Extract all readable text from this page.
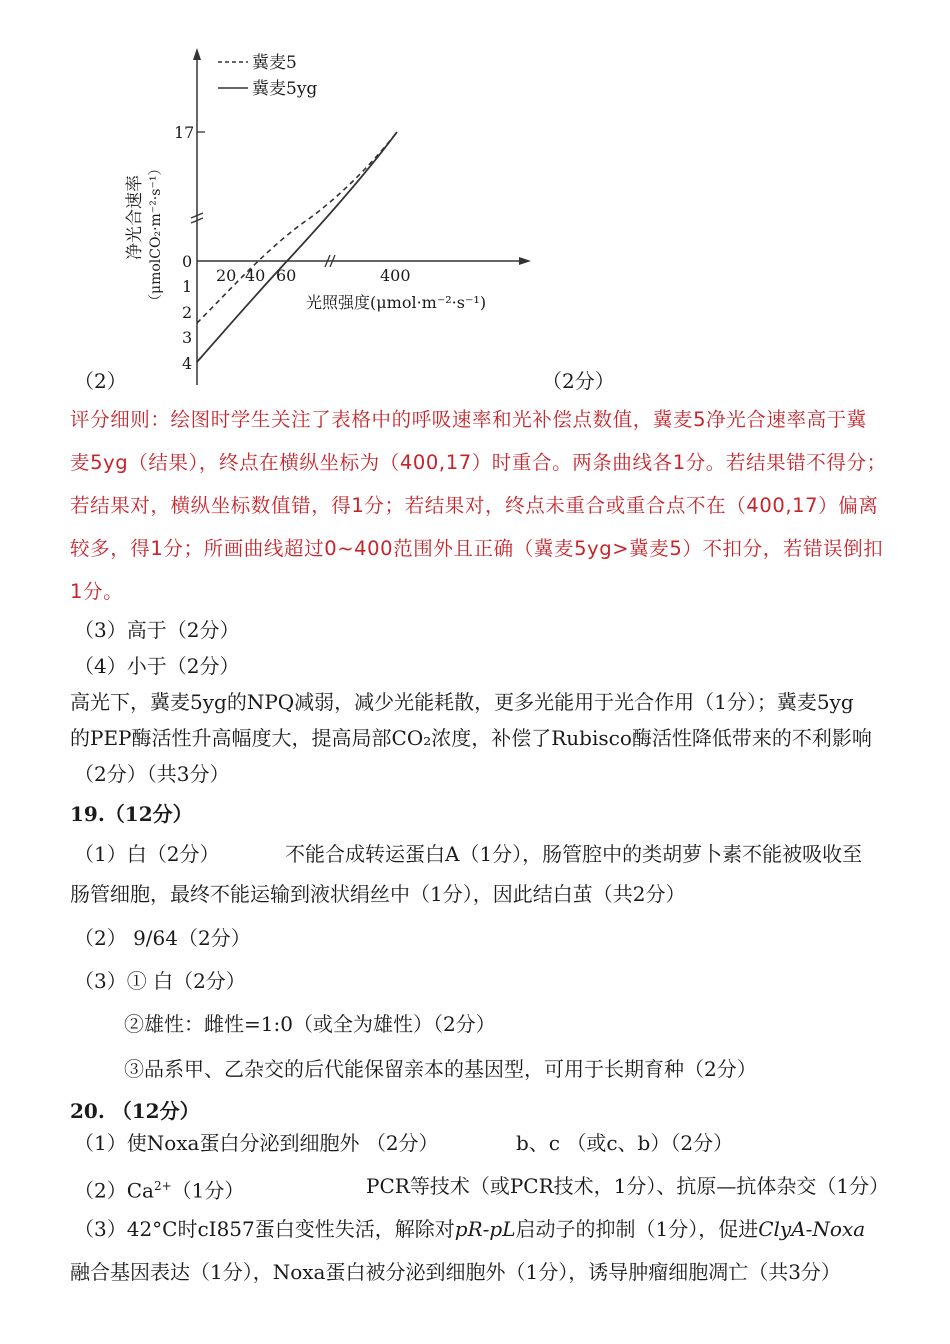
冀麦5
冀麦5yg
17
0
1
2
3
4
20 40 60	400
光照强度(μmol·m⁻²·s⁻¹)
净光合速率 （μmolCO₂·m⁻²·s⁻¹）
（2）	（2分）
评分细则：绘图时学生关注了表格中的呼吸速率和光补偿点数值，冀麦5净光合速率高于冀
麦5yg（结果），终点在横纵坐标为（400,17）时重合。两条曲线各1分。若结果错不得分；
若结果对，横纵坐标数值错，得1分；若结果对，终点未重合或重合点不在（400,17）偏离
较多，得1分；所画曲线超过0~400范围外且正确（冀麦5yg>冀麦5）不扣分，若错误倒扣
1分。
（3）高于（2分）
（4）小于（2分）
高光下，冀麦5yg的NPQ减弱，减少光能耗散，更多光能用于光合作用（1分）；冀麦5yg
的PEP酶活性升高幅度大，提高局部CO₂浓度，补偿了Rubisco酶活性降低带来的不利影响
（2分）（共3分）
19.（12分）
（1）白（2分）	不能合成转运蛋白A（1分），肠管腔中的类胡萝卜素不能被吸收至
肠管细胞，最终不能运输到液状绢丝中（1分），因此结白茧（共2分）
（2） 9/64（2分）
（3）① 白（2分）
②雄性：雌性=1:0（或全为雄性）（2分）
③品系甲、乙杂交的后代能保留亲本的基因型，可用于长期育种（2分）
20. （12分）
（1）使Noxa蛋白分泌到细胞外 （2分）	b、c （或c、b）（2分）
$(2)Ca^{2+}(1$分）	PCR等技术（或PCR技术，1分）、抗原—抗体杂交（1分）
（3）42°C时cI857蛋白变性失活，解除对pR-pL启动子的抑制（1分），促进ClyA-Noxa
融合基因表达（1分），Noxa蛋白被分泌到细胞外（1分），诱导肿瘤细胞凋亡（共3分）
